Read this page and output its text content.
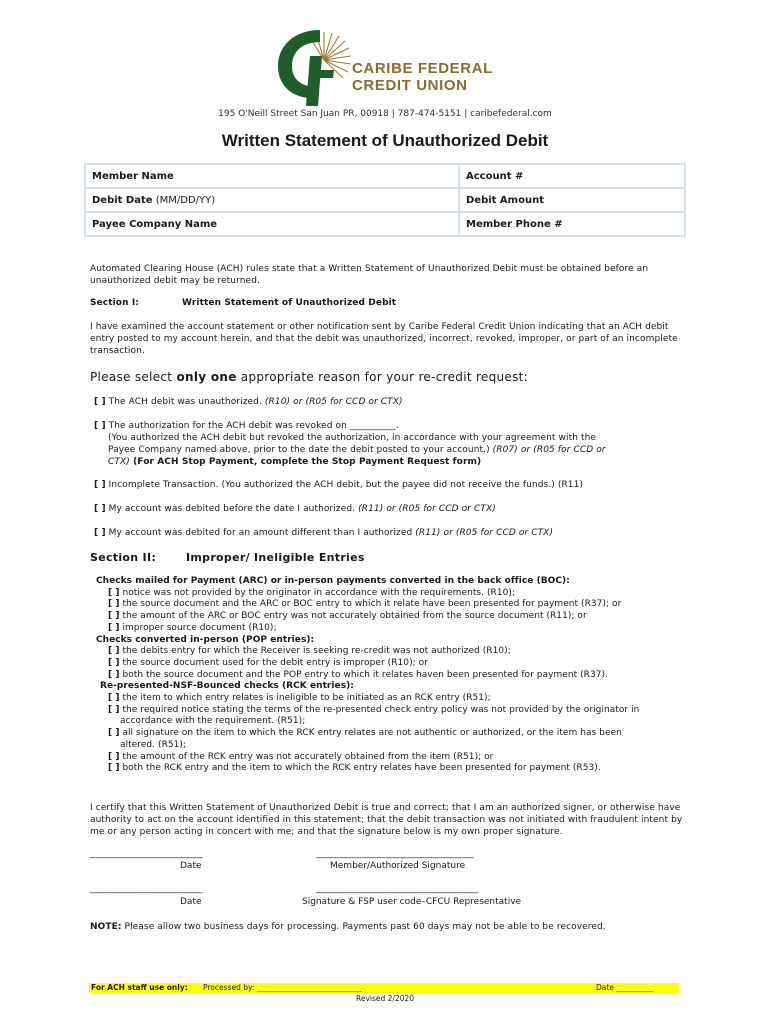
CARIBE FEDERAL
CREDIT UNION
195 O'Neill Street San Juan PR, 00918 | 787-474-5151 | caribefederal.com
Written Statement of Unauthorized Debit
Member Name	Account #
Debit Date (MM/DD/YY)	Debit Amount
Payee Company Name	Member Phone #
Automated Clearing House (ACH) rules state that a Written Statement of Unauthorized Debit must be obtained before an unauthorized debit may be returned.
Section I:	Written Statement of Unauthorized Debit
I have examined the account statement or other notification sent by Caribe Federal Credit Union indicating that an ACH debit entry posted to my account herein, and that the debit was unauthorized, incorrect, revoked, improper, or part of an incomplete transaction.
Please select only one appropriate reason for your re-credit request:
[ ] The ACH debit was unauthorized. (R10) or (R05 for CCD or CTX)
[ ] The authorization for the ACH debit was revoked on __________.
(You authorized the ACH debit but revoked the authorization, in accordance with your agreement with the
Payee Company named above, prior to the date the debit posted to your account.) (R07) or (R05 for CCD or
CTX) (For ACH Stop Payment, complete the Stop Payment Request form)
[ ] Incomplete Transaction. (You authorized the ACH debit, but the payee did not receive the funds.) (R11)
[ ] My account was debited before the date I authorized. (R11) or (R05 for CCD or CTX)
[ ] My account was debited for an amount different than I authorized (R11) or (R05 for CCD or CTX)
Section II:	Improper/ Ineligible Entries
Checks mailed for Payment (ARC) or in-person payments converted in the back office (BOC):
[ ] notice was not provided by the originator in accordance with the requirements. (R10);
[ ] the source document and the ARC or BOC entry to which it relate have been presented for payment (R37); or
[ ] the amount of the ARC or BOC entry was not accurately obtained from the source document (R11); or
[ ] improper source document (R10);
Checks converted in-person (POP entries):
[ ] the debits entry for which the Receiver is seeking re-credit was not authorized (R10);
[ ] the source document used for the debit entry is improper (R10); or
[ ] both the source document and the POP entry to which it relates haven been presented for payment (R37).
Re-presented-NSF-Bounced checks (RCK entries):
[ ] the item to which entry relates is ineligible to be initiated as an RCK entry (R51);
[ ] the required notice stating the terms of the re-presented check entry policy was not provided by the originator in
accordance with the requirement. (R51);
[ ] all signature on the item to which the RCK entry relates are not authentic or authorized, or the item has been
altered. (R51);
[ ] the amount of the RCK entry was not accurately obtained from the item (R51); or
[ ] both the RCK entry and the item to which the RCK entry relates have been presented for payment (R53).
I certify that this Written Statement of Unauthorized Debit is true and correct; that I am an authorized signer, or otherwise have authority to act on the account identified in this statement; that the debit transaction was not initiated with fraudulent intent by me or any person acting in concert with me; and that the signature below is my own proper signature.
_________________________
Date
___________________________________
Member/Authorized Signature
_________________________
Date
____________________________________
Signature & FSP user code–CFCU Representative
NOTE: Please allow two business days for processing. Payments past 60 days may not be able to be recovered.
For ACH staff use only: Processed by: ____________________________	Date __________
Revised 2/2020
